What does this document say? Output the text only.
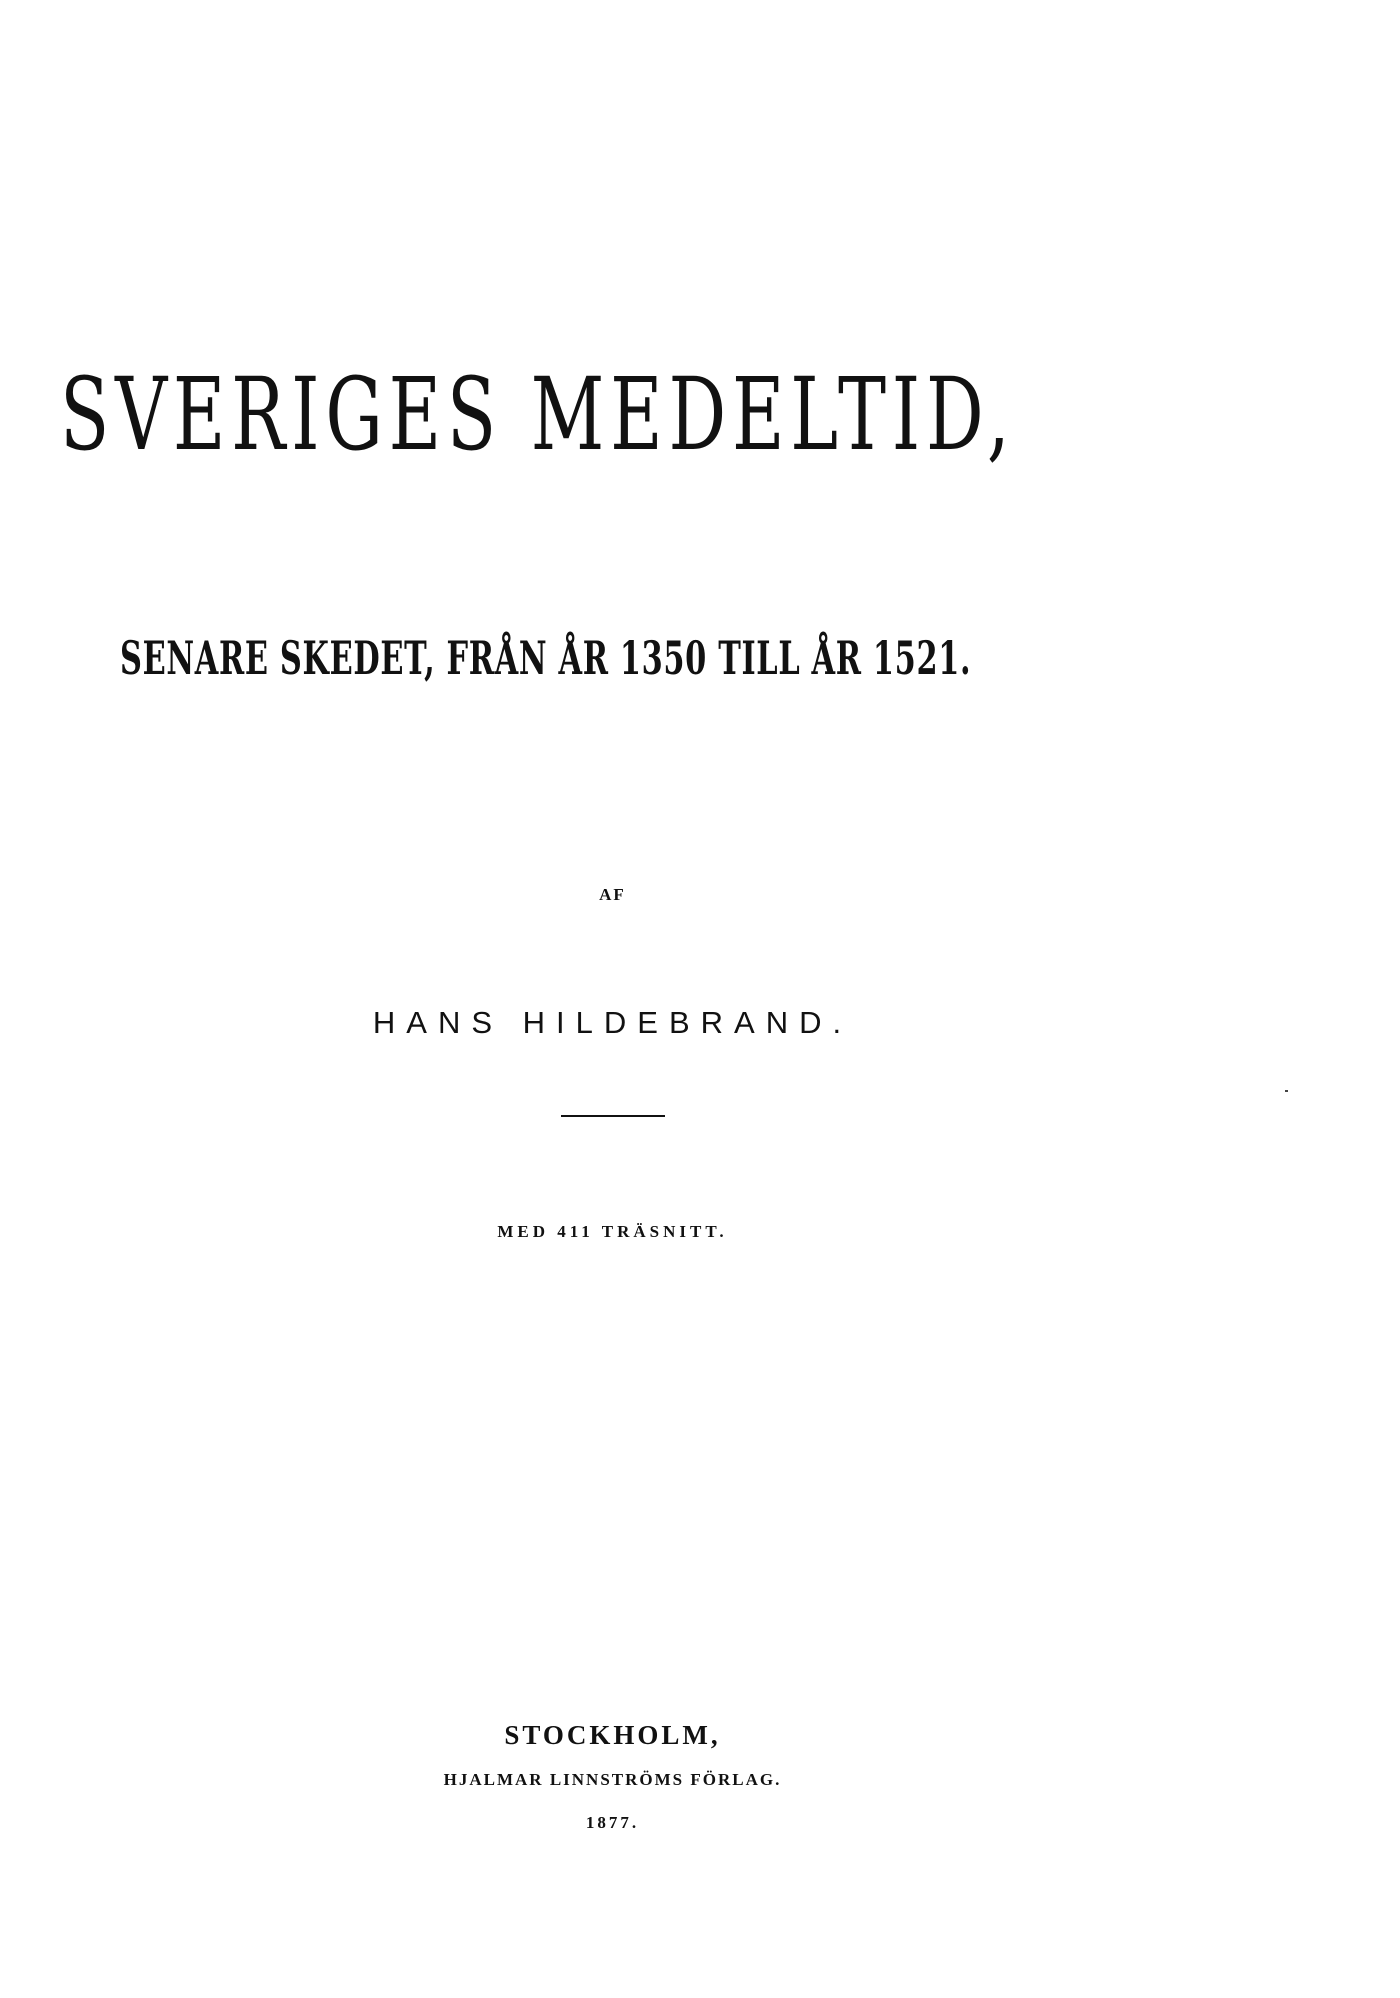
SVERIGES MEDELTID,
SENARE SKEDET, FRÅN ÅR 1350 TILL ÅR 1521.
AF
HANS HILDEBRAND.
MED 411 TRÄSNITT.
STOCKHOLM,
HJALMAR LINNSTRÖMS FÖRLAG.
1877.
